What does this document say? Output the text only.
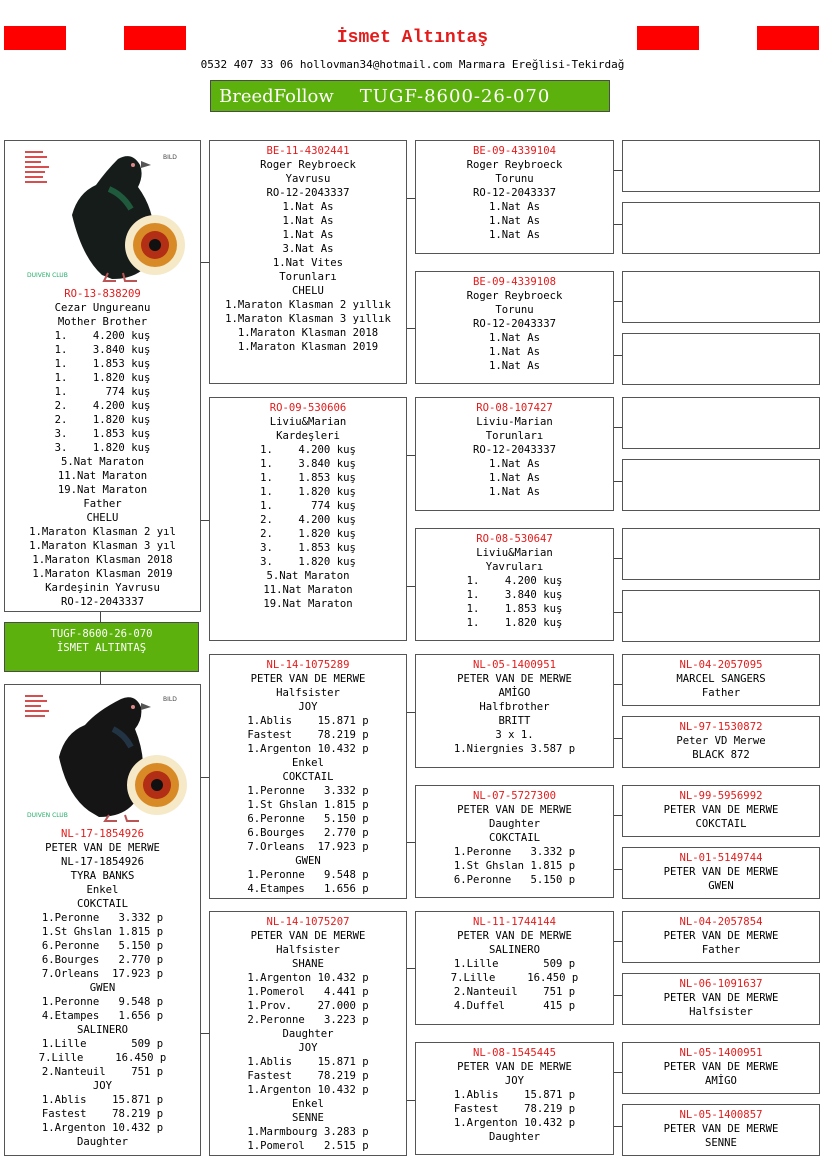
İsmet Altıntaş
0532 407 33 06 hollovman34@hotmail.com Marmara Ereğlisi-Tekirdağ
BreedFollow TUGF-8600-26-070
BILD
DUIVEN CLUB
RO-13-838209
Cezar Ungureanu
Mother Brother
1.    4.200 kuş
1.    3.840 kuş
1.    1.853 kuş
1.    1.820 kuş
1.      774 kuş
2.    4.200 kuş
2.    1.820 kuş
3.    1.853 kuş
3.    1.820 kuş
5.Nat Maraton
11.Nat Maraton
19.Nat Maraton
Father
CHELU
1.Maraton Klasman 2 yıl
1.Maraton Klasman 3 yıl
1.Maraton Klasman 2018
1.Maraton Klasman 2019
Kardeşinin Yavrusu
RO-12-2043337
TUGF-8600-26-070
İSMET ALTINTAŞ
BILD
DUIVEN CLUB
NL-17-1854926
PETER VAN DE MERWE
NL-17-1854926
TYRA BANKS
Enkel
COKCTAIL
1.Peronne   3.332 p
1.St Ghslan 1.815 p
6.Peronne   5.150 p
6.Bourges   2.770 p
7.Orleans  17.923 p
GWEN
1.Peronne   9.548 p
4.Etampes   1.656 p
SALINERO
1.Lille       509 p
7.Lille     16.450 p
2.Nanteuil    751 p
JOY
1.Ablis    15.871 p
Fastest    78.219 p
1.Argenton 10.432 p
Daughter
BE-11-4302441
Roger Reybroeck
Yavrusu
RO-12-2043337
1.Nat As
1.Nat As
1.Nat As
3.Nat As
1.Nat Vites
Torunları
CHELU
1.Maraton Klasman 2 yıllık
1.Maraton Klasman 3 yıllık
1.Maraton Klasman 2018
1.Maraton Klasman 2019
RO-09-530606
Liviu&Marian
Kardeşleri
1.    4.200 kuş
1.    3.840 kuş
1.    1.853 kuş
1.    1.820 kuş
1.      774 kuş
2.    4.200 kuş
2.    1.820 kuş
3.    1.853 kuş
3.    1.820 kuş
5.Nat Maraton
11.Nat Maraton
19.Nat Maraton
NL-14-1075289
PETER VAN DE MERWE
Halfsister
JOY
1.Ablis    15.871 p
Fastest    78.219 p
1.Argenton 10.432 p
Enkel
COKCTAIL
1.Peronne   3.332 p
1.St Ghslan 1.815 p
6.Peronne   5.150 p
6.Bourges   2.770 p
7.Orleans  17.923 p
GWEN
1.Peronne   9.548 p
4.Etampes   1.656 p
NL-14-1075207
PETER VAN DE MERWE
Halfsister
SHANE
1.Argenton 10.432 p
1.Pomerol   4.441 p
1.Prov.    27.000 p
2.Peronne   3.223 p
Daughter
JOY
1.Ablis    15.871 p
Fastest    78.219 p
1.Argenton 10.432 p
Enkel
SENNE
1.Marmbourg 3.283 p
1.Pomerol   2.515 p
BE-09-4339104
Roger Reybroeck
Torunu
RO-12-2043337
1.Nat As
1.Nat As
1.Nat As
BE-09-4339108
Roger Reybroeck
Torunu
RO-12-2043337
1.Nat As
1.Nat As
1.Nat As
RO-08-107427
Liviu-Marian
Torunları
RO-12-2043337
1.Nat As
1.Nat As
1.Nat As
RO-08-530647
Liviu&Marian
Yavruları
1.    4.200 kuş
1.    3.840 kuş
1.    1.853 kuş
1.    1.820 kuş
NL-05-1400951
PETER VAN DE MERWE
AMİGO
Halfbrother
BRITT
3 x 1.
1.Niergnies 3.587 p
NL-07-5727300
PETER VAN DE MERWE
Daughter
COKCTAIL
1.Peronne   3.332 p
1.St Ghslan 1.815 p
6.Peronne   5.150 p
NL-11-1744144
PETER VAN DE MERWE
SALINERO
1.Lille       509 p
7.Lille     16.450 p
2.Nanteuil    751 p
4.Duffel      415 p
NL-08-1545445
PETER VAN DE MERWE
JOY
1.Ablis    15.871 p
Fastest    78.219 p
1.Argenton 10.432 p
Daughter
NL-04-2057095
MARCEL SANGERS
Father
NL-97-1530872
Peter VD Merwe
BLACK 872
NL-99-5956992
PETER VAN DE MERWE
COKCTAIL
NL-01-5149744
PETER VAN DE MERWE
GWEN
NL-04-2057854
PETER VAN DE MERWE
Father
NL-06-1091637
PETER VAN DE MERWE
Halfsister
NL-05-1400951
PETER VAN DE MERWE
AMİGO
NL-05-1400857
PETER VAN DE MERWE
SENNE
